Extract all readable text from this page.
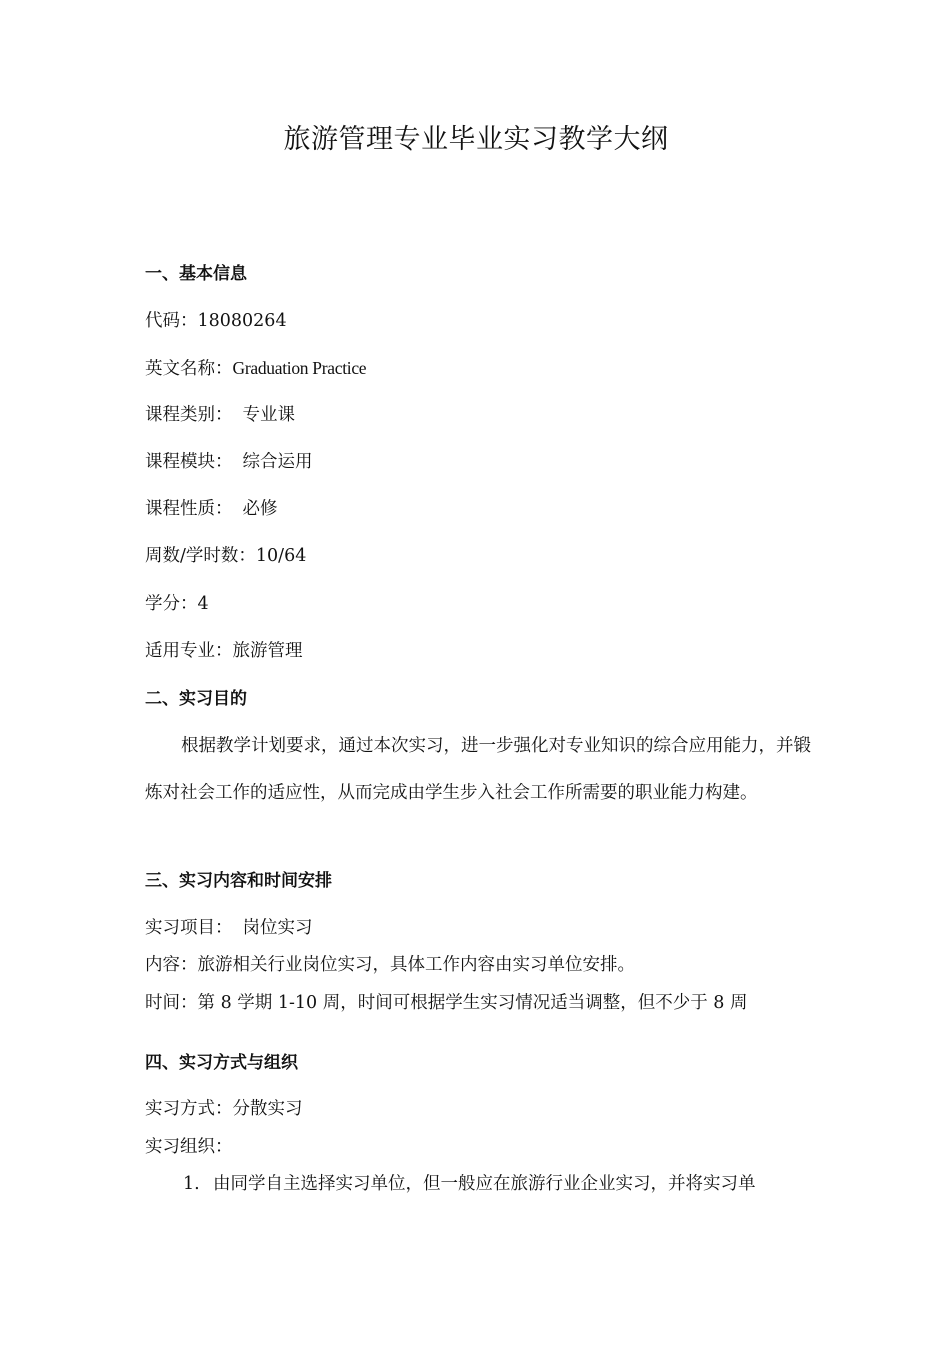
旅游管理专业毕业实习教学大纲
一、基本信息
代码：18080264
英文名称：Graduation Practice
课程类别： 专业课
课程模块： 综合运用
课程性质： 必修
周数/学时数：10/64
学分：4
适用专业：旅游管理
二、实习目的
根据教学计划要求，通过本次实习，进一步强化对专业知识的综合应用能力，并锻炼对社会工作的适应性，从而完成由学生步入社会工作所需要的职业能力构建。
三、实习内容和时间安排
实习项目： 岗位实习
内容：旅游相关行业岗位实习，具体工作内容由实习单位安排。
时间：第 8 学期 1-10 周，时间可根据学生实习情况适当调整，但不少于 8 周
四、实习方式与组织
实习方式：分散实习
实习组织：
1. 由同学自主选择实习单位，但一般应在旅游行业企业实习，并将实习单
